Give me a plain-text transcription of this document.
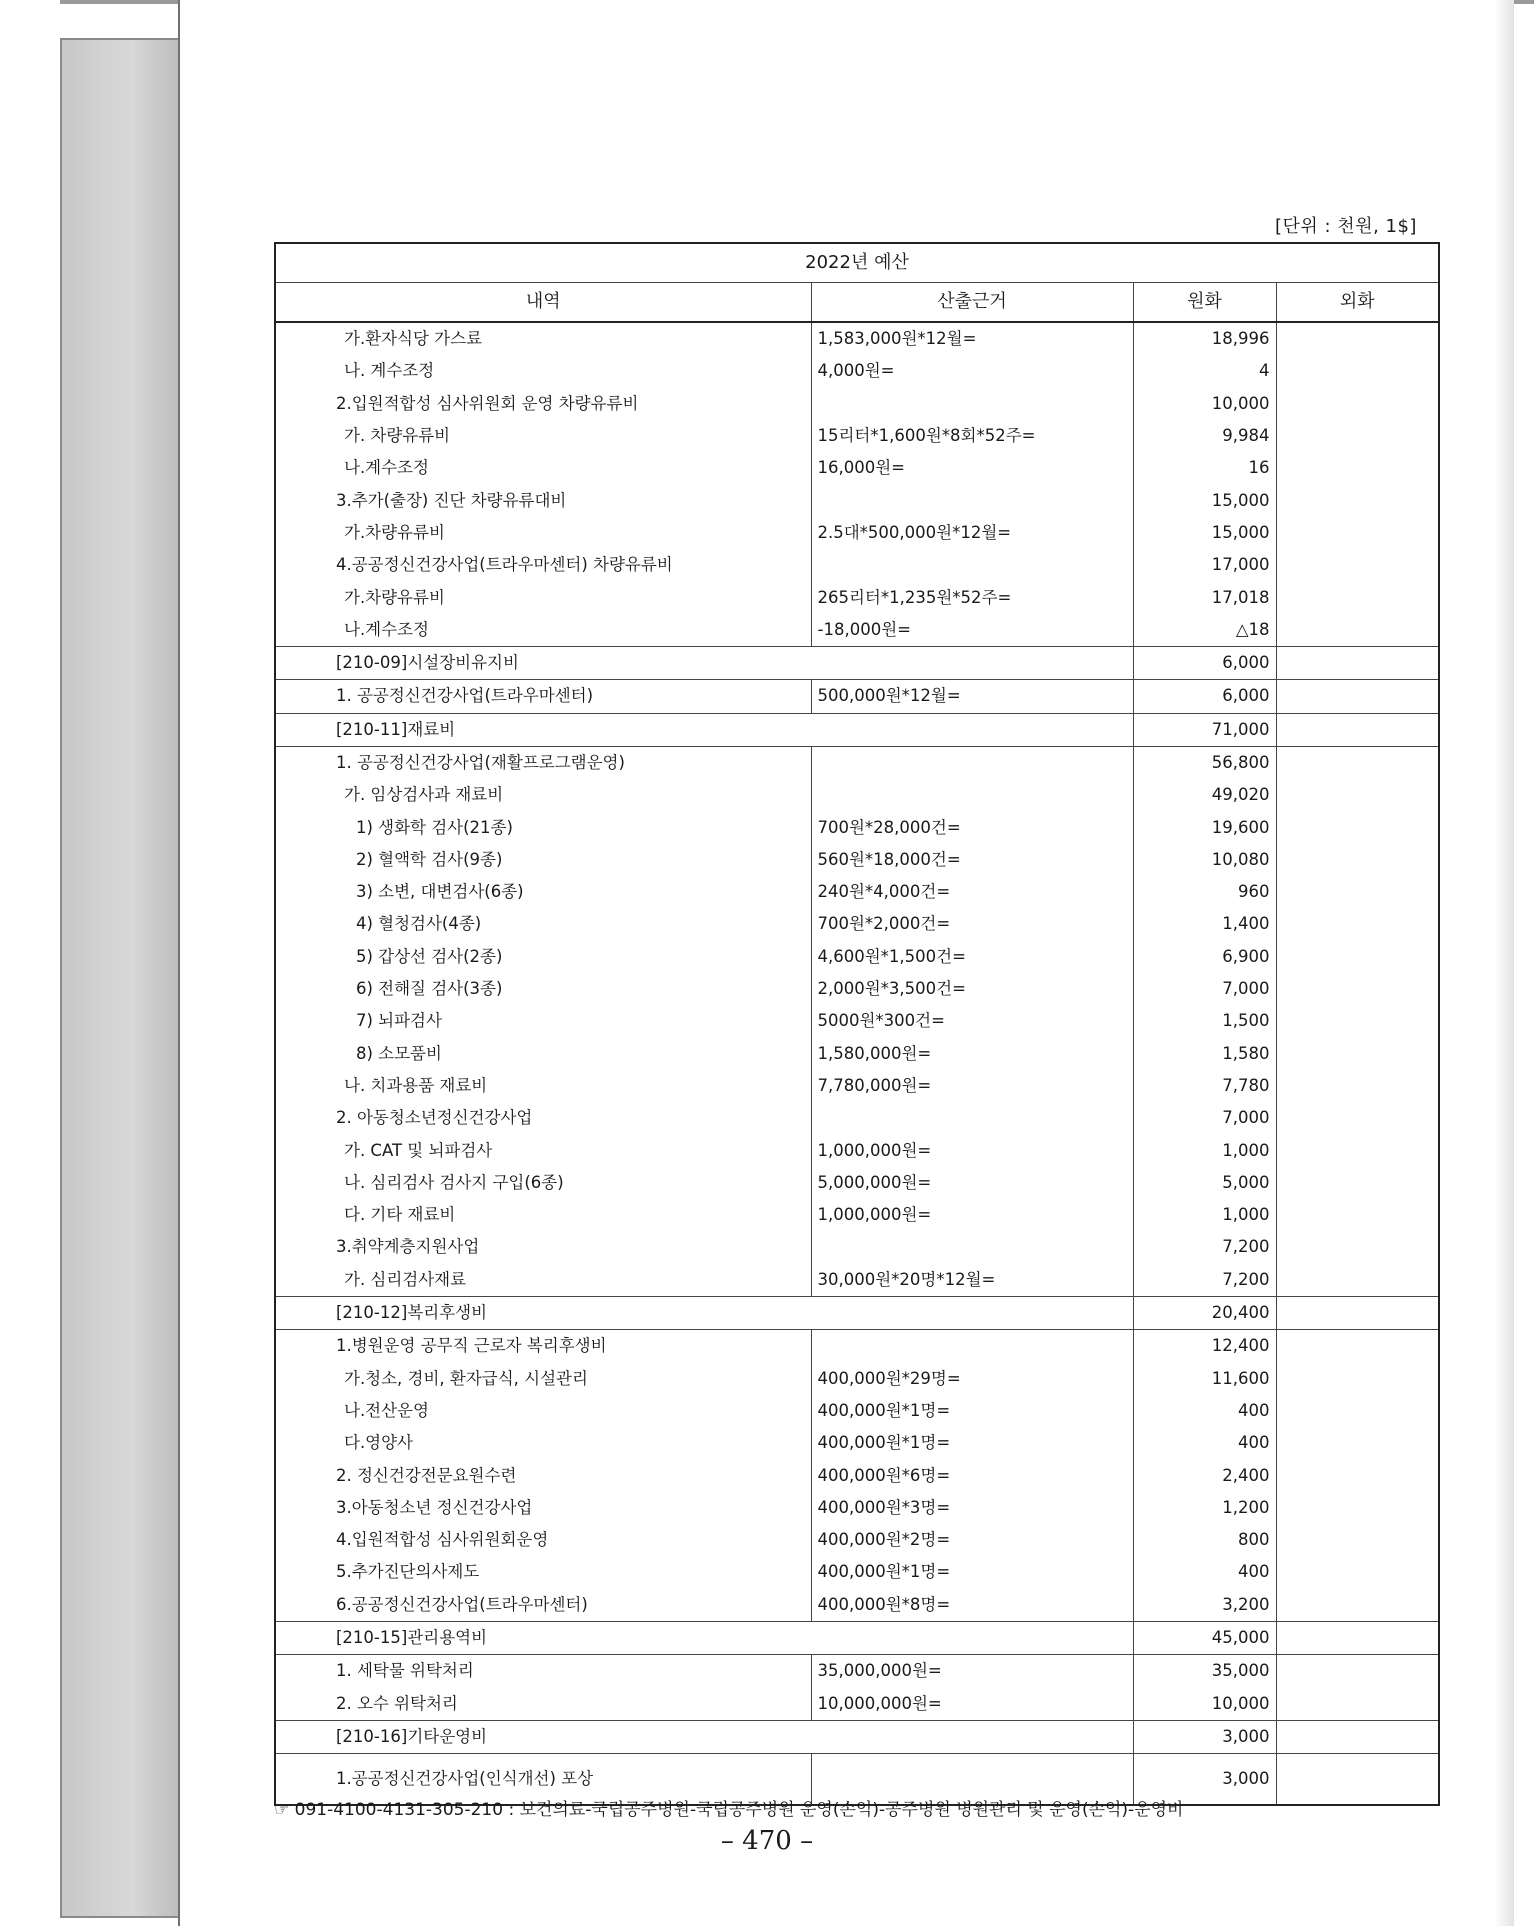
[단위 : 천원, 1$]
2022년 예산			
내역	산출근거	원화	외화
가.환자식당 가스료	1,583,000원*12월=	18,996	
나. 계수조정	4,000원=	4	
2.입원적합성 심사위원회 운영 차량유류비		10,000	
가. 차량유류비	15리터*1,600원*8회*52주=	9,984	
나.계수조정	16,000원=	16	
3.추가(출장) 진단 차량유류대비		15,000	
가.차량유류비	2.5대*500,000원*12월=	15,000	
4.공공정신건강사업(트라우마센터) 차량유류비		17,000	
가.차량유류비	265리터*1,235원*52주=	17,018	
나.계수조정	-18,000원=	△18	
[210-09]시설장비유지비		6,000	
1. 공공정신건강사업(트라우마센터)	500,000원*12월=	6,000	
[210-11]재료비		71,000	
1. 공공정신건강사업(재활프로그램운영)		56,800	
가. 임상검사과 재료비		49,020	
1) 생화학 검사(21종)	700원*28,000건=	19,600	
2) 혈액학 검사(9종)	560원*18,000건=	10,080	
3) 소변, 대변검사(6종)	240원*4,000건=	960	
4) 혈청검사(4종)	700원*2,000건=	1,400	
5) 갑상선 검사(2종)	4,600원*1,500건=	6,900	
6) 전해질 검사(3종)	2,000원*3,500건=	7,000	
7) 뇌파검사	5000원*300건=	1,500	
8) 소모품비	1,580,000원=	1,580	
나. 치과용품 재료비	7,780,000원=	7,780	
2. 아동청소년정신건강사업		7,000	
가. CAT 및 뇌파검사	1,000,000원=	1,000	
나. 심리검사 검사지 구입(6종)	5,000,000원=	5,000	
다. 기타 재료비	1,000,000원=	1,000	
3.취약계층지원사업		7,200	
가. 심리검사재료	30,000원*20명*12월=	7,200	
[210-12]복리후생비		20,400	
1.병원운영 공무직 근로자 복리후생비		12,400	
가.청소, 경비, 환자급식, 시설관리	400,000원*29명=	11,600	
나.전산운영	400,000원*1명=	400	
다.영양사	400,000원*1명=	400	
2. 정신건강전문요원수련	400,000원*6명=	2,400	
3.아동청소년 정신건강사업	400,000원*3명=	1,200	
4.입원적합성 심사위원회운영	400,000원*2명=	800	
5.추가진단의사제도	400,000원*1명=	400	
6.공공정신건강사업(트라우마센터)	400,000원*8명=	3,200	
[210-15]관리용역비		45,000	
1. 세탁물 위탁처리	35,000,000원=	35,000	
2. 오수 위탁처리	10,000,000원=	10,000	
[210-16]기타운영비		3,000	
1.공공정신건강사업(인식개선) 포상		3,000	
☞ 091-4100-4131-305-210 : 보건의료-국립공주병원-국립공주병원 운영(손익)-공주병원 병원관리 및 운영(손익)-운영비
– 470 –
